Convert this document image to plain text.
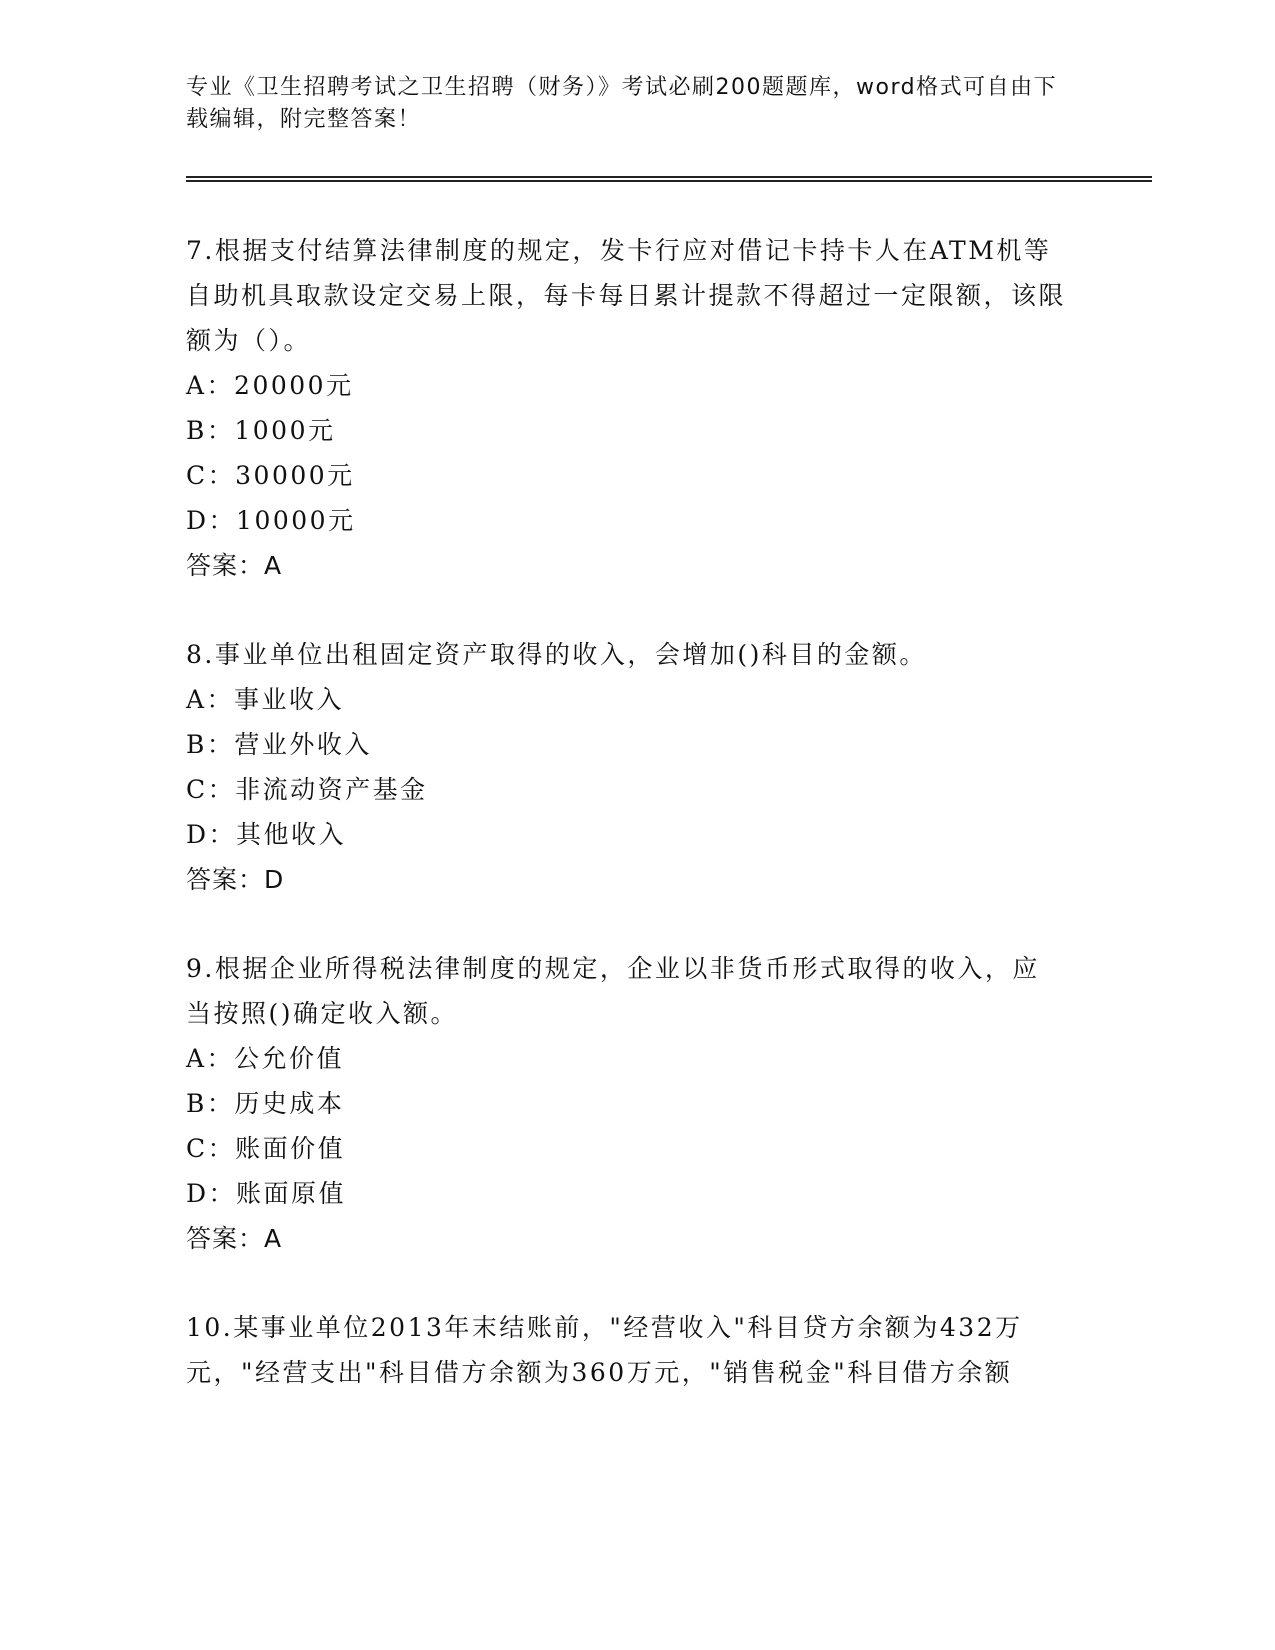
专业《卫生招聘考试之卫生招聘（财务）》考试必刷200题题库，word格式可自由下载编辑，附完整答案！
7.根据支付结算法律制度的规定，发卡行应对借记卡持卡人在ATM机等自助机具取款设定交易上限，每卡每日累计提款不得超过一定限额，该限额为（）。
A：20000元
B：1000元
C：30000元
D：10000元
答案：A
8.事业单位出租固定资产取得的收入，会增加()科目的金额。
A：事业收入
B：营业外收入
C：非流动资产基金
D：其他收入
答案：D
9.根据企业所得税法律制度的规定，企业以非货币形式取得的收入，应当按照()确定收入额。
A：公允价值
B：历史成本
C：账面价值
D：账面原值
答案：A
10.某事业单位2013年末结账前，"经营收入"科目贷方余额为432万元，"经营支出"科目借方余额为360万元，"销售税金"科目借方余额
